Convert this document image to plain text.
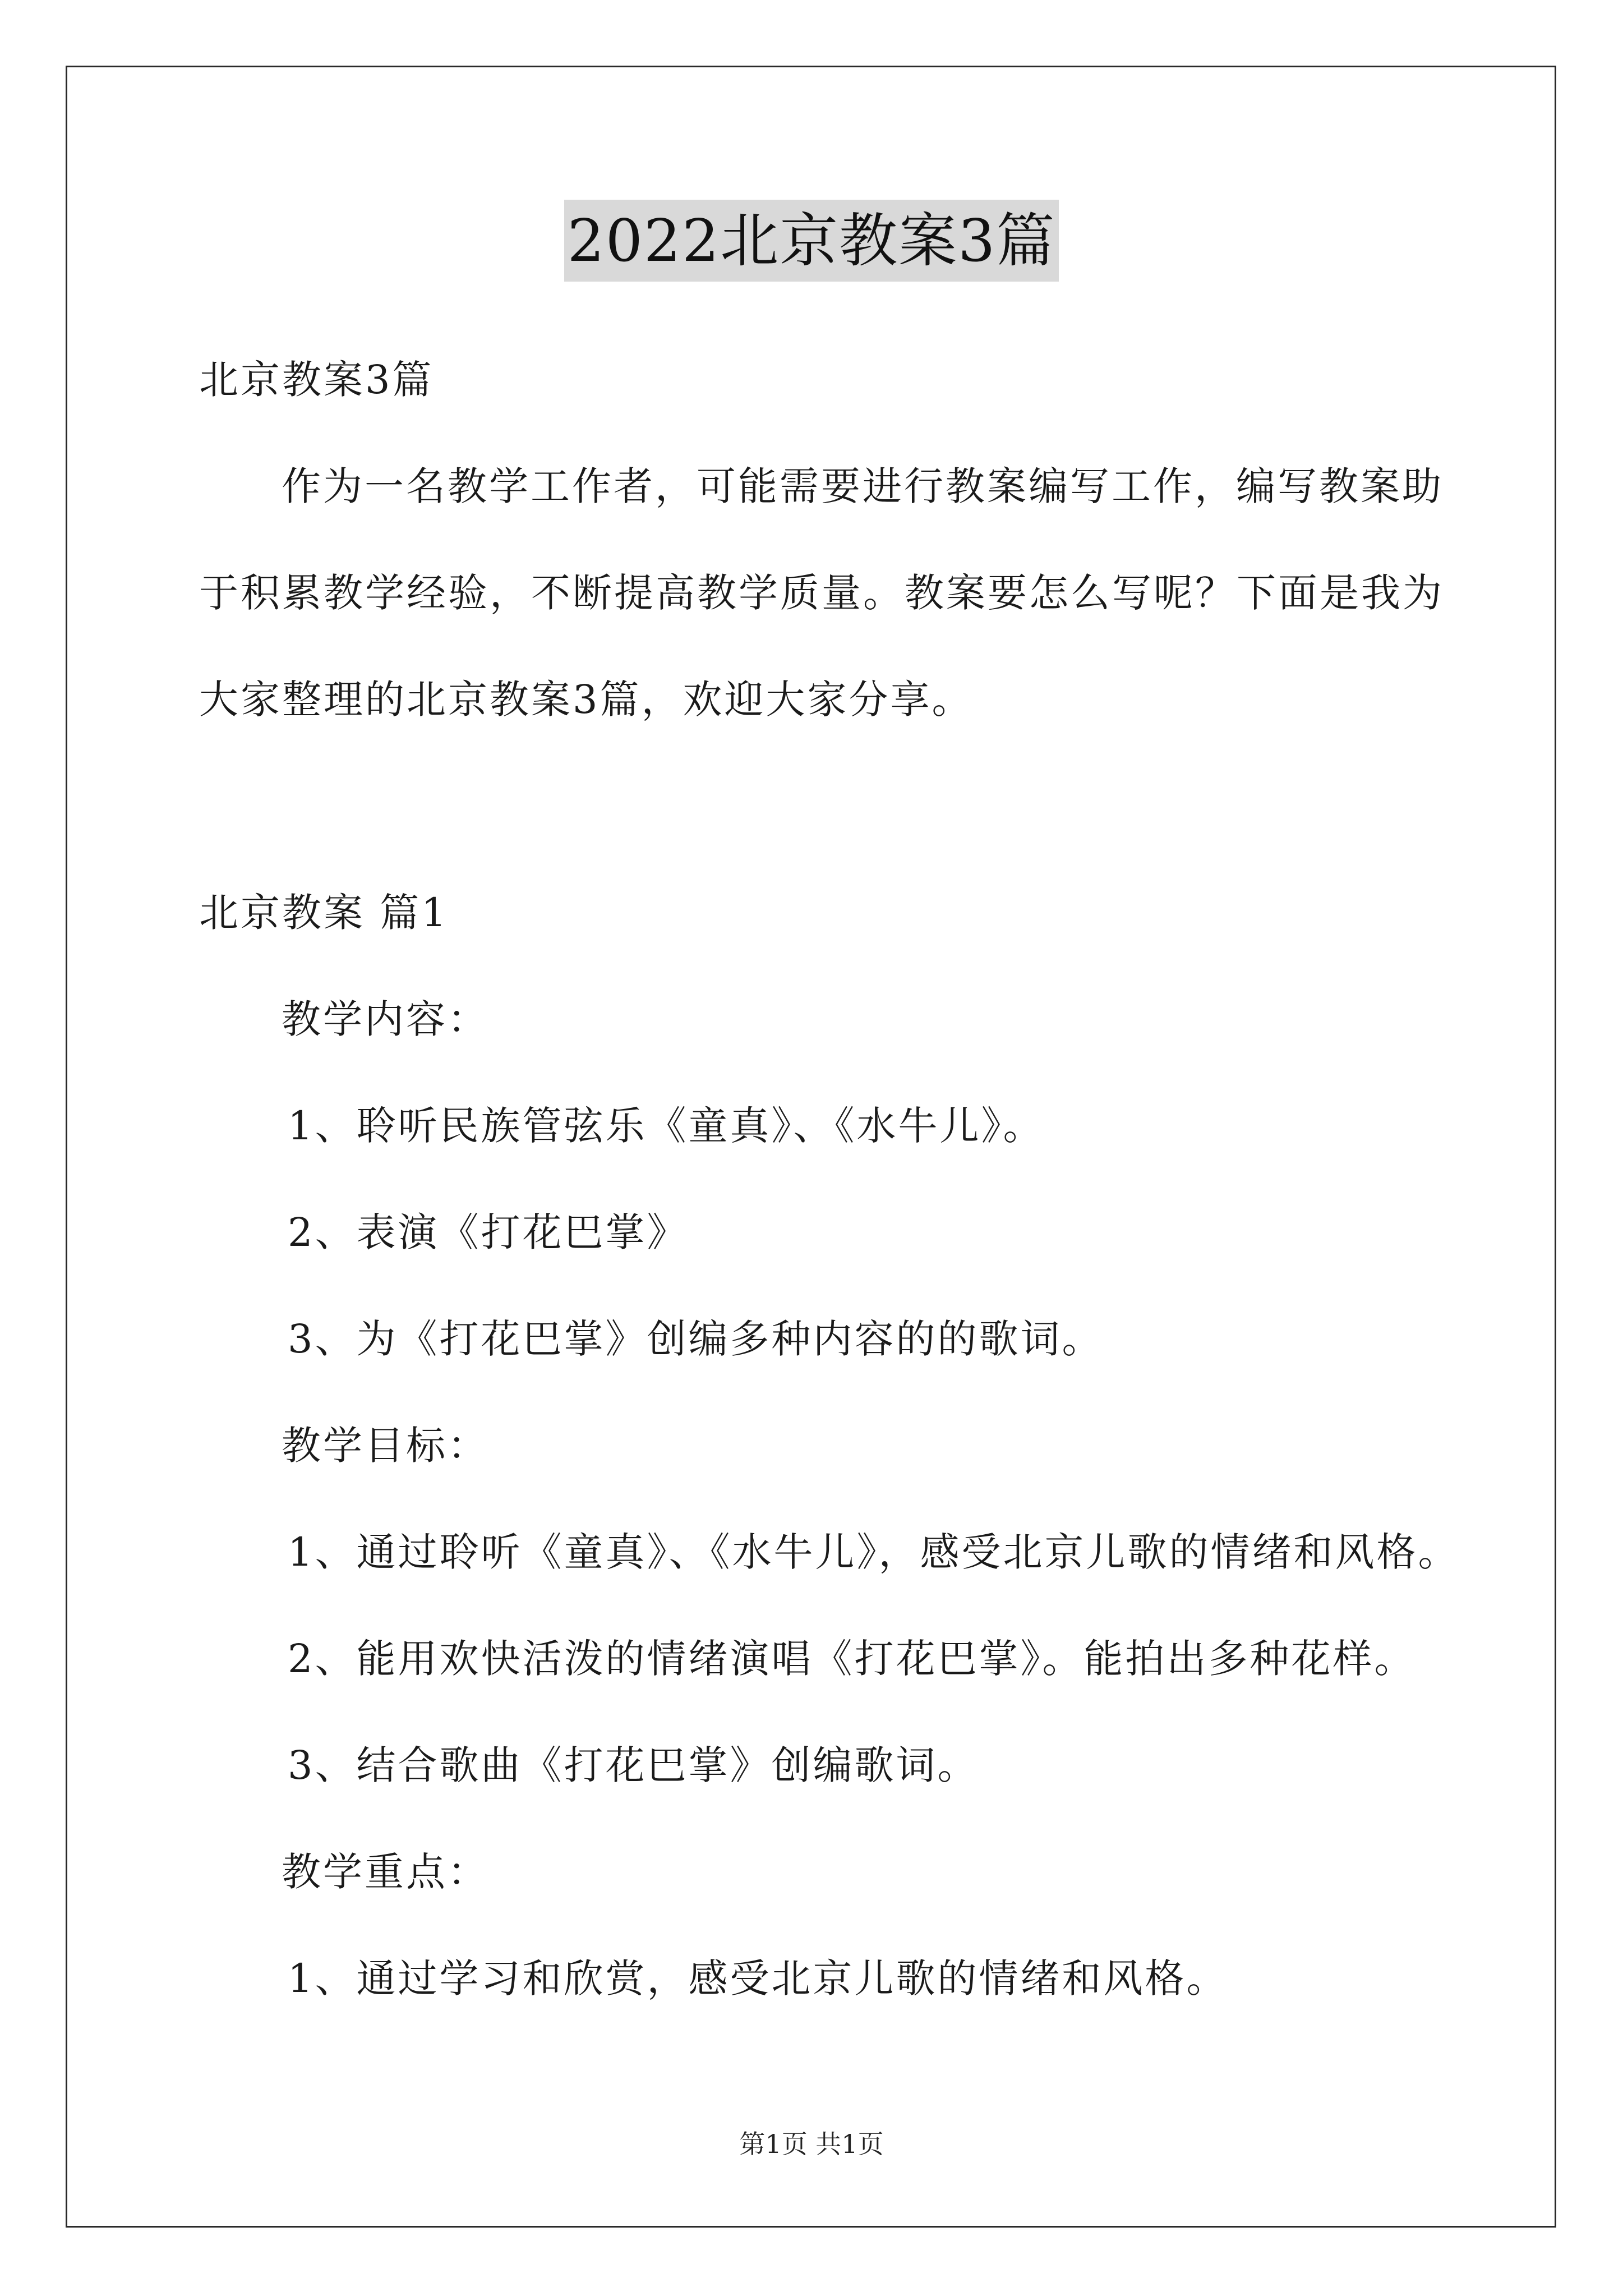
2022北京教案3篇
北京教案3篇
作为一名教学工作者，可能需要进行教案编写工作，编写教案助
于积累教学经验，不断提高教学质量。教案要怎么写呢？下面是我为
大家整理的北京教案3篇，欢迎大家分享。
北京教案 篇1
教学内容：
1、聆听民族管弦乐《童真》、《水牛儿》。
2、表演《打花巴掌》
3、为《打花巴掌》创编多种内容的的歌词。
教学目标：
1、通过聆听《童真》、《水牛儿》，感受北京儿歌的情绪和风格。
2、能用欢快活泼的情绪演唱《打花巴掌》。能拍出多种花样。
3、结合歌曲《打花巴掌》创编歌词。
教学重点：
1、通过学习和欣赏，感受北京儿歌的情绪和风格。
第1页 共1页
